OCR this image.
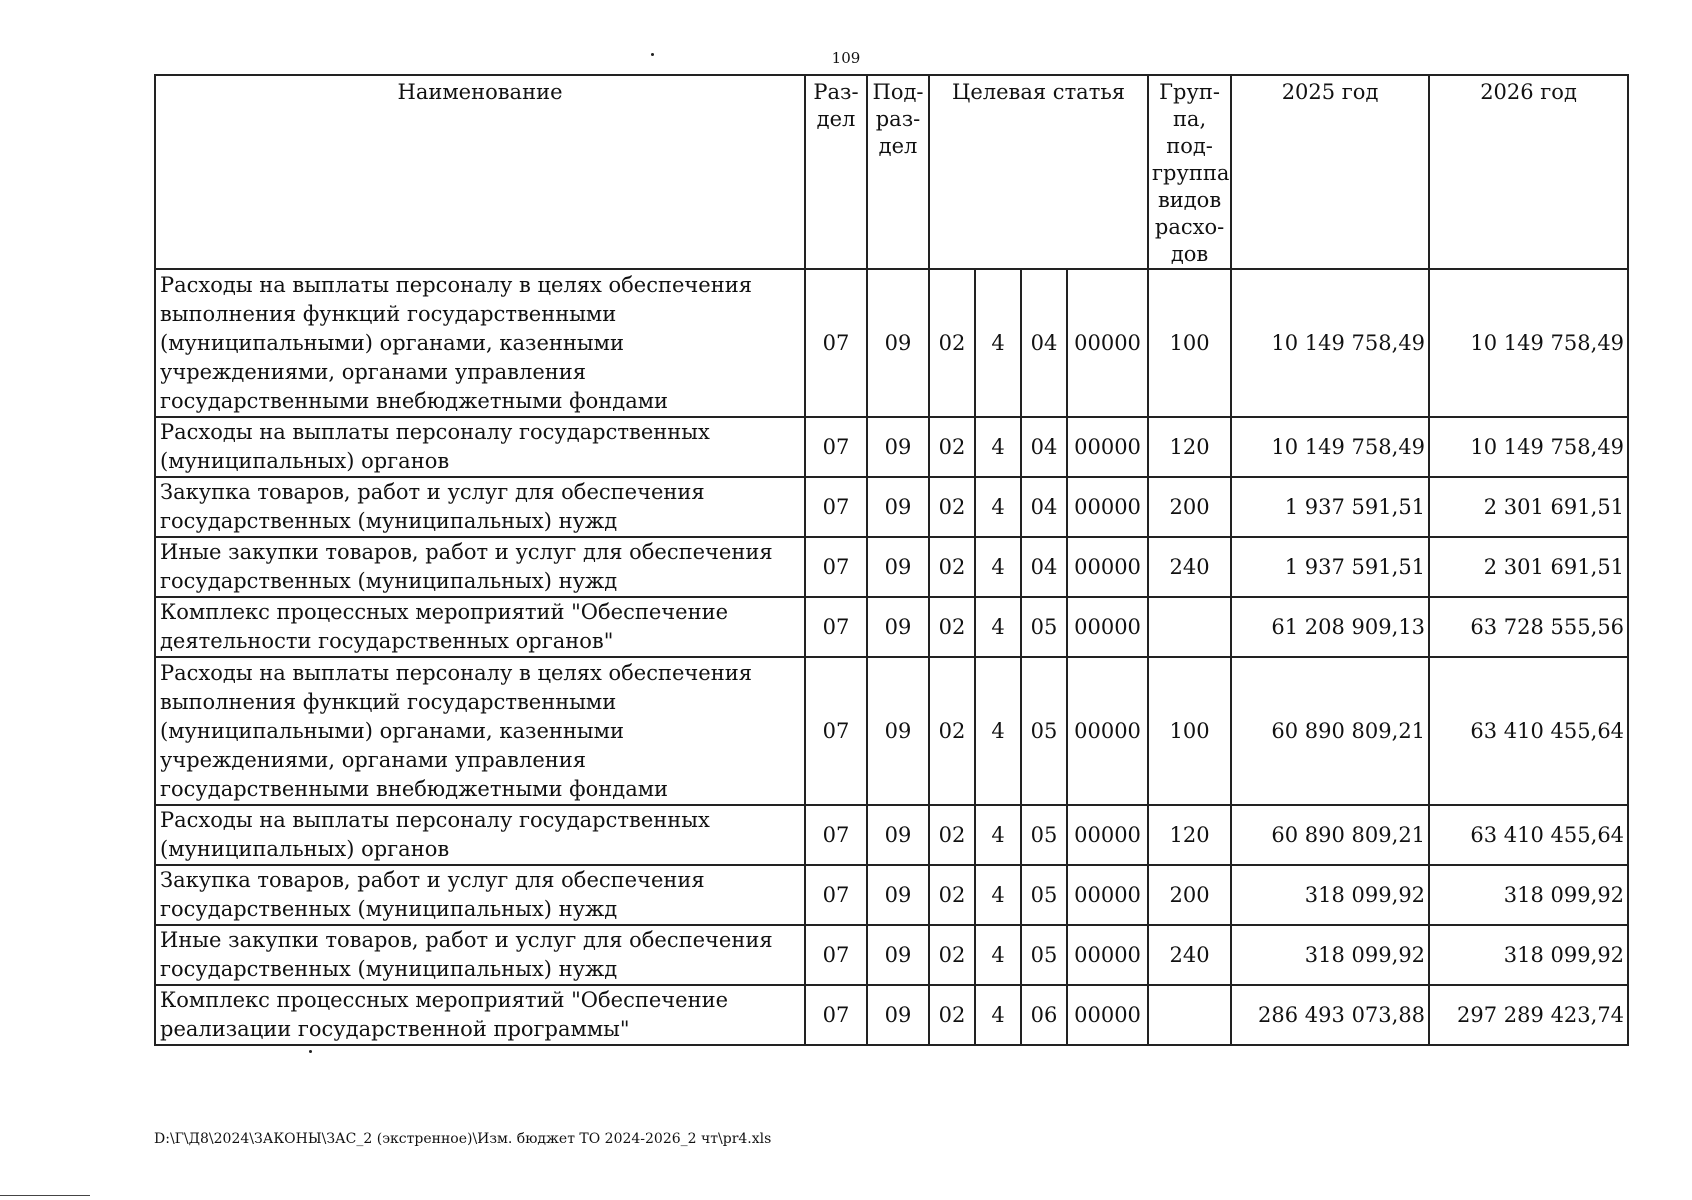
109
Наименование	Раз-дел	Под-раз-дел	Целевая статья				Груп-па, под-группа видов расхо-дов	2025 год	2026 год
Расходы на выплаты персоналу в целях обеспечения выполнения функций государственными (муниципальными) органами, казенными учреждениями, органами управления государственными внебюджетными фондами	07	09	02	4	04	00000	100	10 149 758,49	10 149 758,49
Расходы на выплаты персоналу государственных (муниципальных) органов	07	09	02	4	04	00000	120	10 149 758,49	10 149 758,49
Закупка товаров, работ и услуг для обеспечения государственных (муниципальных) нужд	07	09	02	4	04	00000	200	1 937 591,51	2 301 691,51
Иные закупки товаров, работ и услуг для обеспечения государственных (муниципальных) нужд	07	09	02	4	04	00000	240	1 937 591,51	2 301 691,51
Комплекс процессных мероприятий "Обеспечение деятельности государственных органов"	07	09	02	4	05	00000		61 208 909,13	63 728 555,56
Расходы на выплаты персоналу в целях обеспечения выполнения функций государственными (муниципальными) органами, казенными учреждениями, органами управления государственными внебюджетными фондами	07	09	02	4	05	00000	100	60 890 809,21	63 410 455,64
Расходы на выплаты персоналу государственных (муниципальных) органов	07	09	02	4	05	00000	120	60 890 809,21	63 410 455,64
Закупка товаров, работ и услуг для обеспечения государственных (муниципальных) нужд	07	09	02	4	05	00000	200	318 099,92	318 099,92
Иные закупки товаров, работ и услуг для обеспечения государственных (муниципальных) нужд	07	09	02	4	05	00000	240	318 099,92	318 099,92
Комплекс процессных мероприятий "Обеспечение реализации государственной программы"	07	09	02	4	06	00000		286 493 073,88	297 289 423,74
D:\Г\Д8\2024\ЗАКОНЫ\ЗАС_2 (экстренное)\Изм. бюджет ТО 2024-2026_2 чт\pr4.xls
